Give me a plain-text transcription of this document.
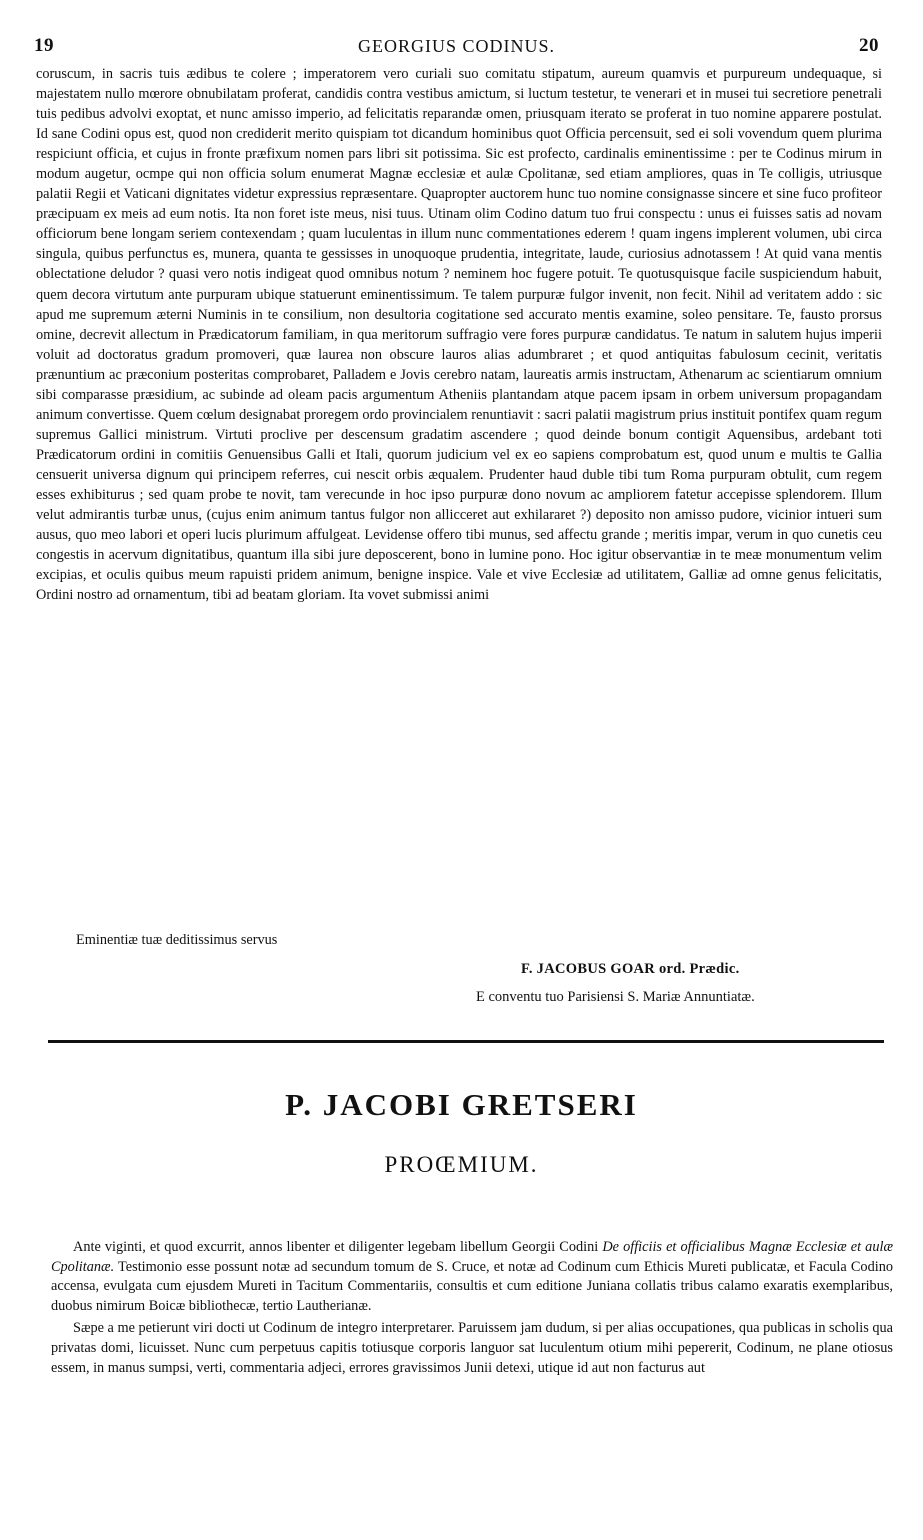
19	GEORGIUS CODINUS.	20

coruscum, in sacris tuis ædibus te colere ; imperatorem vero curiali suo comitatu stipatum, aureum quamvis et purpureum undequaque, si majestatem nullo mœrore obnubilatam proferat, candidis contra vestibus amictum, si luctum testetur, te venerari et in musei tui secretiore penetrali tuis pedibus advolvi exoptat, et nunc amisso imperio, ad felicitatis reparandæ omen, priusquam iterato se proferat in tuo nomine apparere postulat. Id sane Codini opus est, quod non crediderit merito quispiam tot dicandum hominibus quot Officia percensuit, sed ei soli vovendum quem plurima respiciunt officia, et cujus in fronte præfixum nomen pars libri sit potissima. Sic est profecto, cardinalis eminentissime : per te Codinus mirum in modum augetur, ocmpe qui non officia solum enumerat Magnæ ecclesiæ et aulæ Cpolitanæ, sed etiam ampliores, quas in Te colligis, utriusque palatii Regii et Vaticani dignitates videtur expressius repræsentare. Quapropter auctorem hunc tuo nomine consignasse sincere et sine fuco profiteor præcipuam ex meis ad eum notis. Ita non foret iste meus, nisi tuus. Utinam olim Codino datum tuo frui conspectu : unus ei fuisses satis ad novam officiorum bene longam seriem contexendam ; quam luculentas in illum nunc commentationes ederem ! quam ingens implerent volumen, ubi circa singula, quibus perfunctus es, munera, quanta te gessisses in unoquoque prudentia, integritate, laude, curiosius adnotassem ! At quid vana mentis oblectatione deludor ? quasi vero notis indigeat quod omnibus notum ? neminem hoc fugere potuit. Te quotusquisque facile suspiciendum habuit, quem decora virtutum ante purpuram ubique statuerunt eminentissimum. Te talem purpuræ fulgor invenit, non fecit. Nihil ad veritatem addo : sic apud me supremum æterni Numinis in te consilium, non desultoria cogitatione sed accurato mentis examine, soleo pensitare. Te, fausto prorsus omine, decrevit allectum in Prædicatorum familiam, in qua meritorum suffragio vere fores purpuræ candidatus. Te natum in salutem hujus imperii voluit ad doctoratus gradum promoveri, quæ laurea non obscure lauros alias adumbraret ; et quod antiquitas fabulosum cecinit, veritatis prænuntium ac præconium posteritas comprobaret, Palladem e Jovis cerebro natam, laureatis armis instructam, Athenarum ac scientiarum omnium sibi comparasse præsidium, ac subinde ad oleam pacis argumentum Atheniis plantandam atque pacem ipsam in orbem universum propagandam animum convertisse. Quem cœlum designabat proregem ordo provincialem renuntiavit : sacri palatii magistrum prius instituit pontifex quam regum supremus Gallici ministrum. Virtuti proclive per descensum gradatim ascendere ; quod deinde bonum contigit Aquensibus, ardebant toti Prædicatorum ordini in comitiis Genuensibus Galli et Itali, quorum judicium vel ex eo sapiens comprobatum est, quod unum e multis te Gallia censuerit universa dignum qui principem referres, cui nescit orbis æqualem. Prudenter haud duble tibi tum Roma purpuram obtulit, cum regem esses exhibiturus ; sed quam probe te novit, tam verecunde in hoc ipso purpuræ dono novum ac ampliorem fatetur accepisse splendorem. Illum velut admirantis turbæ unus, (cujus enim animum tantus fulgor non allicceret aut exhilararet ?) deposito non amisso pudore, vicinior intueri sum ausus, quo meo labori et operi lucis plurimum affulgeat. Levidense offero tibi munus, sed affectu grande ; meritis impar, verum in quo cunetis ceu congestis in acervum dignitatibus, quantum illa sibi jure deposcerent, bono in lumine pono. Hoc igitur observantiæ in te meæ monumentum velim excipias, et oculis quibus meum rapuisti pridem animum, benigne inspice. Vale et vive Ecclesiæ ad utilitatem, Galliæ ad omne genus felicitatis, Ordini nostro ad ornamentum, tibi ad beatam gloriam. Ita vovet submissi animi

Eminentiæ tuæ deditissimus servus
F. JACOBUS GOAR ord. Prædic.
E conventu tuo Parisiensi S. Mariæ Annuntiatæ.
P. JACOBI GRETSERI
PROŒMIUM.

Ante viginti, et quod excurrit, annos libenter et diligenter legebam libellum Georgii Codini De officiis et officialibus Magnæ Ecclesiæ et aulæ Cpolitanæ. Testimonio esse possunt notæ ad secundum tomum de S. Cruce, et notæ ad Codinum cum Ethicis Mureti publicatæ, et Facula Codino accensa, evulgata cum ejusdem Mureti in Tacitum Commentariis, consultis et cum editione Juniana collatis tribus calamo exaratis exemplaribus, duobus nimirum Boicæ bibliothecæ, tertio Lautherianæ.

Sæpe a me petierunt viri docti ut Codinum de integro interpretarer. Paruissem jam dudum, si per alias occupationes, qua publicas in scholis qua privatas domi, licuisset. Nunc cum perpetuus capitis totiusque corporis languor sat luculentum otium mihi pepererit, Codinum, ne plane otiosus essem, in manus sumpsi, verti, commentaria adjeci, errores gravissimos Junii detexi, utique id aut non facturus aut
